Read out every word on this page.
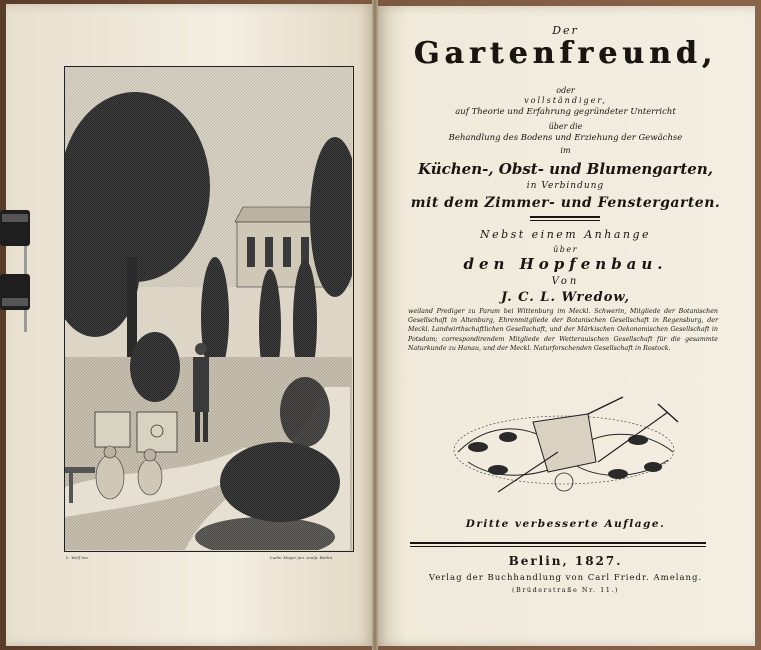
L. Wolf inv.	Ludw. Meyer jun. sculp. Berlin.
Der
Gartenfreund,
oder
vollständiger,
auf Theorie und Erfahrung gegründeter Unterricht
über die
Behandlung des Bodens und Erziehung der Gewächse
im
Küchen-, Obst- und Blumengarten,
in Verbindung
mit dem Zimmer- und Fenstergarten.
Nebst einem Anhange
über
den Hopfenbau.
Von
J. C. L. Wredow,
weiland Prediger zu Parum bei Wittenburg im Meckl. Schwerin, Mitgliede der Botanischen Gesellschaft in Altenburg, Ehrenmitgliede der Botanischen Gesellschaft in Regensburg, der Meckl. Landwirthschaftlichen Gesellschaft, und der Märkischen Oekonomischen Gesellschaft in Potsdam; correspondirendem Mitgliede der Wetterauischen Gesellschaft für die gesammte Naturkunde zu Hanau, und der Meckl. Naturforschenden Gesellschaft in Rostock.
Dritte verbesserte Auflage.
Berlin, 1827.
Verlag der Buchhandlung von Carl Friedr. Amelang.
(Brüderstraße Nr. 11.)
